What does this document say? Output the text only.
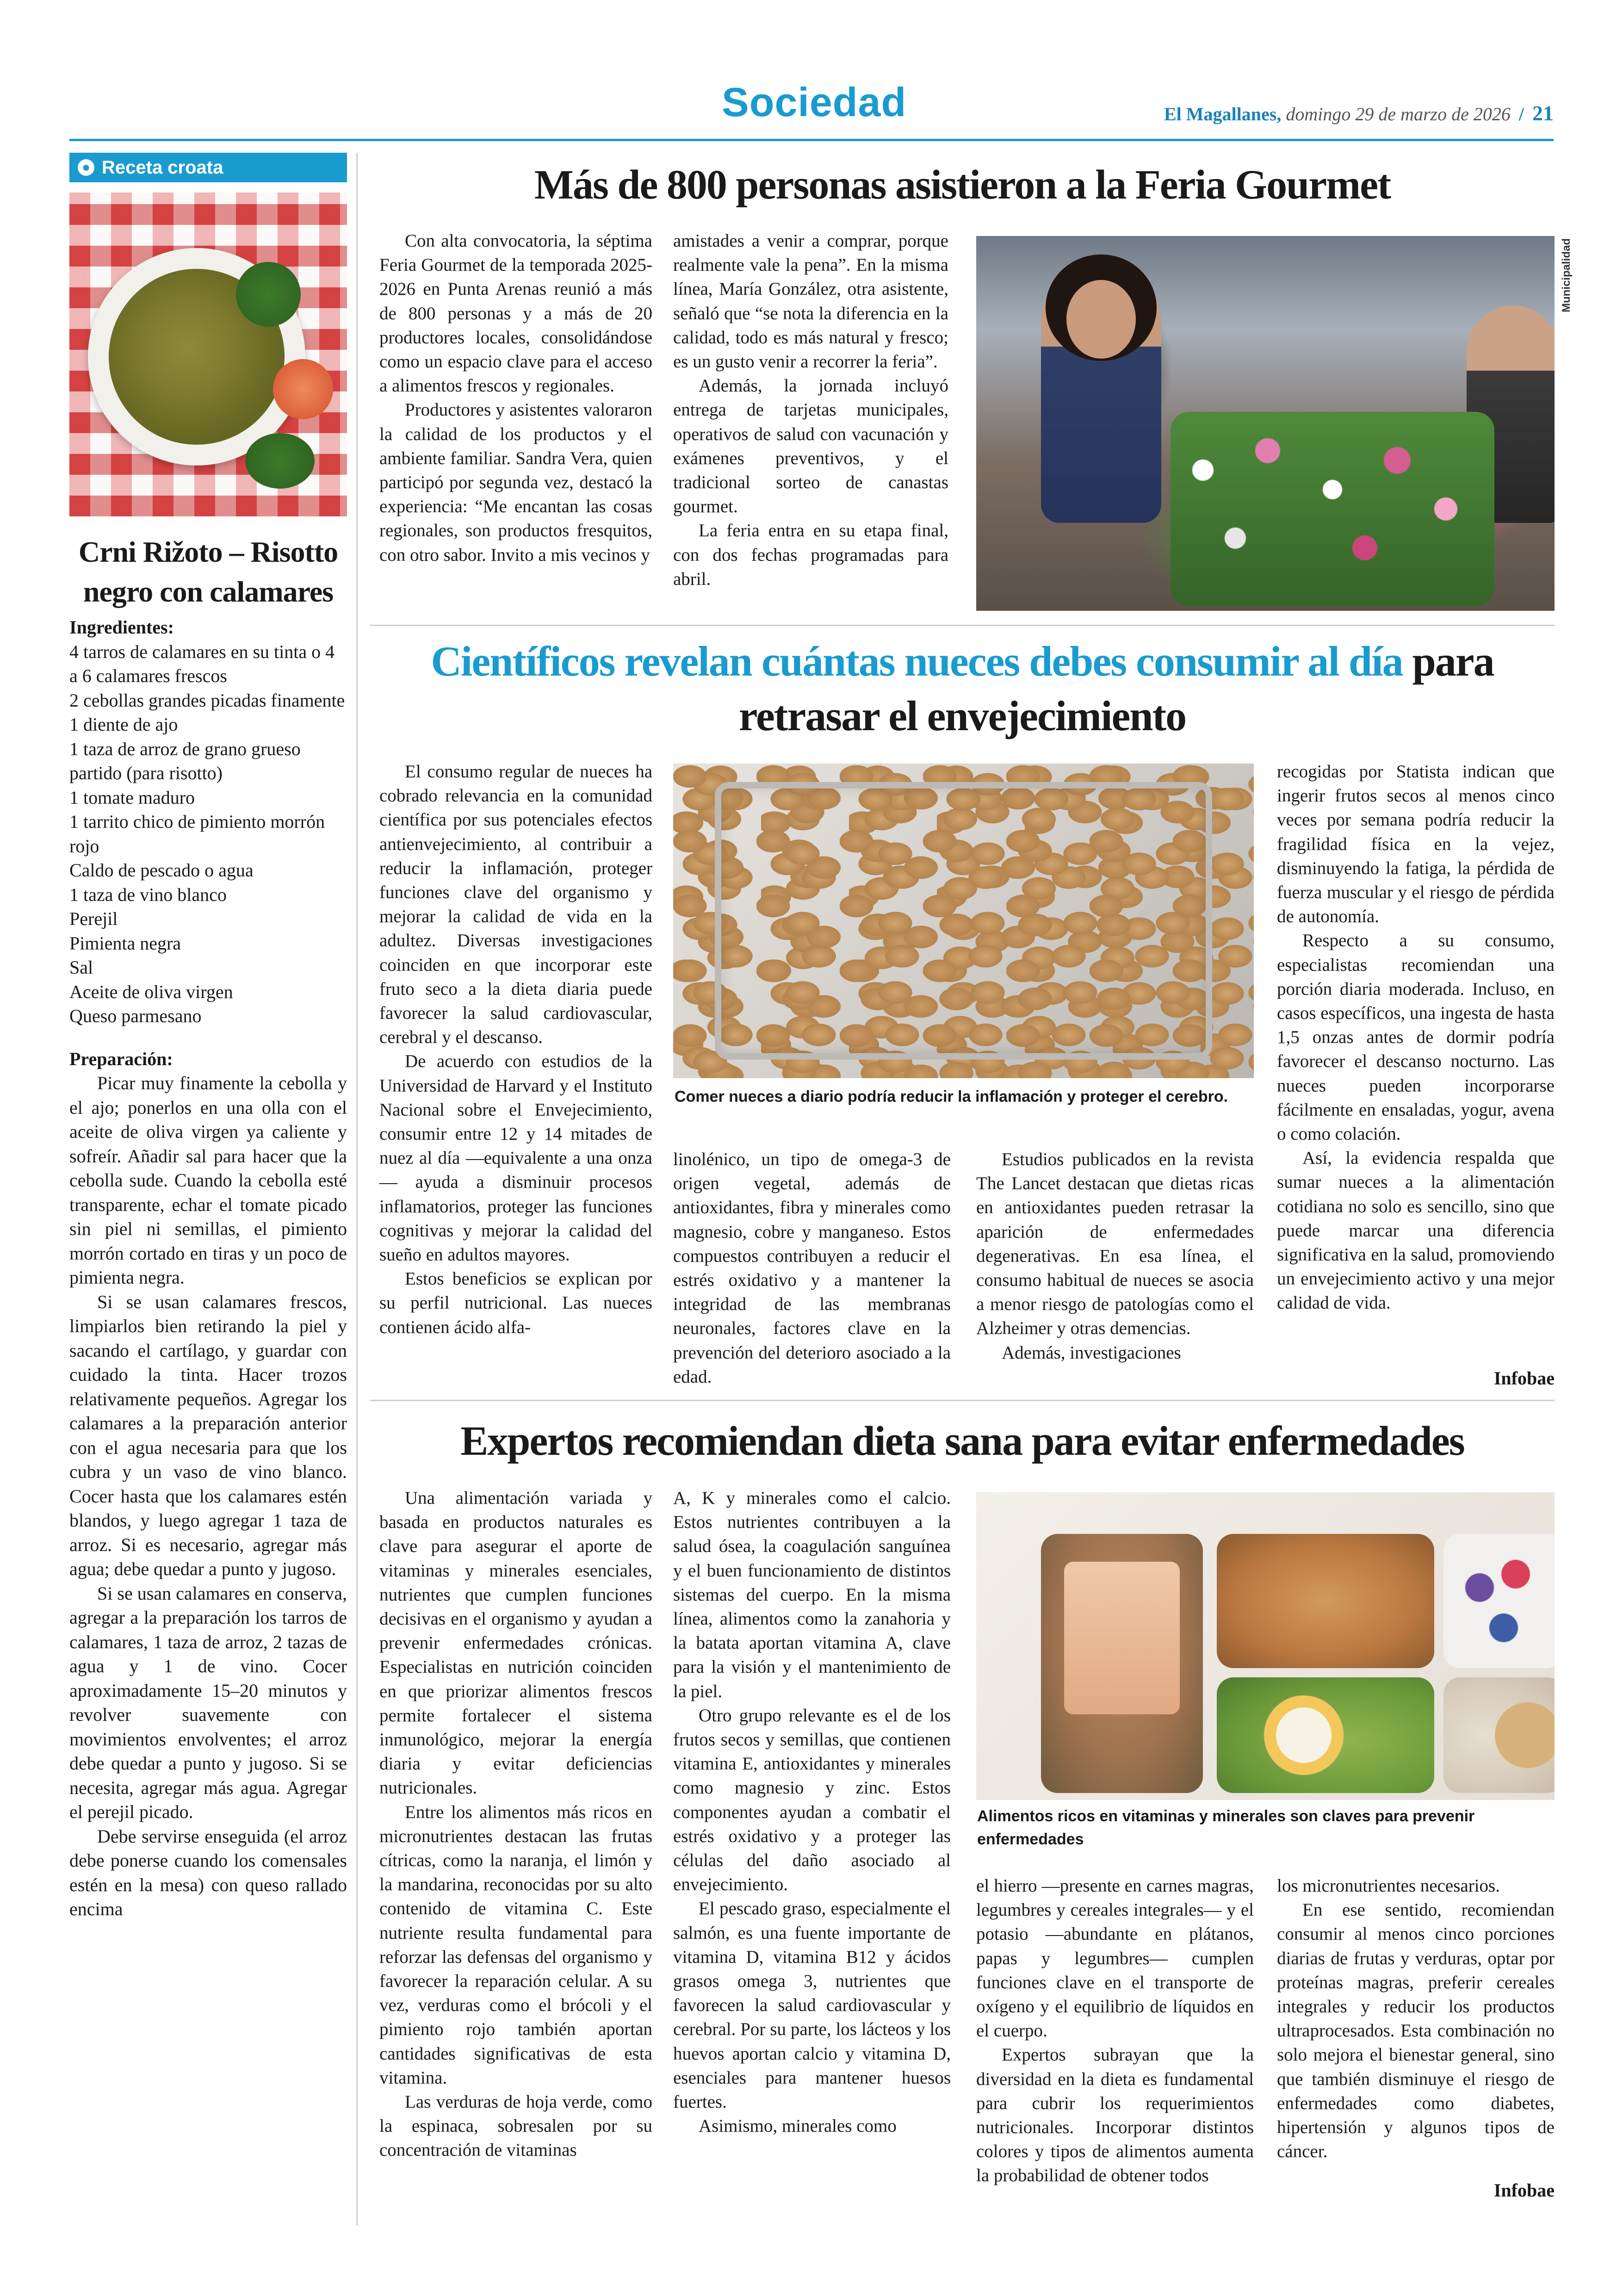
Sociedad	El Magallanes, domingo 29 de marzo de 2026 / 21
● Receta croata
Crni Rižoto – Risotto negro con calamares
Ingredientes:
4 tarros de calamares en su tinta o 4 a 6 calamares frescos
2 cebollas grandes picadas finamente
1 diente de ajo
1 taza de arroz de grano grueso partido (para risotto)
1 tomate maduro
1 tarrito chico de pimiento morrón rojo
Caldo de pescado o agua
1 taza de vino blanco
Perejil
Pimienta negra
Sal
Aceite de oliva virgen
Queso parmesano
Preparación:

Picar muy finamente la cebolla y el ajo; ponerlos en una olla con el aceite de oliva virgen ya caliente y sofreír. Añadir sal para hacer que la cebolla sude. Cuando la cebolla esté transparente, echar el tomate picado sin piel ni semillas, el pimiento morrón cortado en tiras y un poco de pimienta negra.

Si se usan calamares frescos, limpiarlos bien retirando la piel y sacando el cartílago, y guardar con cuidado la tinta. Hacer trozos relativamente pequeños. Agregar los calamares a la preparación anterior con el agua necesaria para que los cubra y un vaso de vino blanco. Cocer hasta que los calamares estén blandos, y luego agregar 1 taza de arroz. Si es necesario, agregar más agua; debe quedar a punto y jugoso.

Si se usan calamares en conserva, agregar a la preparación los tarros de calamares, 1 taza de arroz, 2 tazas de agua y 1 de vino. Cocer aproximadamente 15–20 minutos y revolver suavemente con movimientos envolventes; el arroz debe quedar a punto y jugoso. Si se necesita, agregar más agua. Agregar el perejil picado.

Debe servirse enseguida (el arroz debe ponerse cuando los comensales estén en la mesa) con queso rallado encima

Más de 800 personas asistieron a la Feria Gourmet

Con alta convocatoria, la séptima Feria Gourmet de la temporada 2025-2026 en Punta Arenas reunió a más de 800 personas y a más de 20 productores locales, consolidándose como un espacio clave para el acceso a alimentos frescos y regionales.

Productores y asistentes valoraron la calidad de los productos y el ambiente familiar. Sandra Vera, quien participó por segunda vez, destacó la experiencia: “Me encantan las cosas regionales, son productos fresquitos, con otro sabor. Invito a mis vecinos y

amistades a venir a comprar, porque realmente vale la pena”. En la misma línea, María González, otra asistente, señaló que “se nota la diferencia en la calidad, todo es más natural y fresco; es un gusto venir a recorrer la feria”.

Además, la jornada incluyó entrega de tarjetas municipales, operativos de salud con vacunación y exámenes preventivos, y el tradicional sorteo de canastas gourmet.

La feria entra en su etapa final, con dos fechas programadas para abril.

Municipalidad
Científicos revelan cuántas nueces debes consumir al día para retrasar el envejecimiento

El consumo regular de nueces ha cobrado relevancia en la comunidad científica por sus potenciales efectos antienvejecimiento, al contribuir a reducir la inflamación, proteger funciones clave del organismo y mejorar la calidad de vida en la adultez. Diversas investigaciones coinciden en que incorporar este fruto seco a la dieta diaria puede favorecer la salud cardiovascular, cerebral y el descanso.

De acuerdo con estudios de la Universidad de Harvard y el Instituto Nacional sobre el Envejecimiento, consumir entre 12 y 14 mitades de nuez al día —equivalente a una onza— ayuda a disminuir procesos inflamatorios, proteger las funciones cognitivas y mejorar la calidad del sueño en adultos mayores.

Estos beneficios se explican por su perfil nutricional. Las nueces contienen ácido alfa-

Comer nueces a diario podría reducir la inflamación y proteger el cerebro.

linolénico, un tipo de omega-3 de origen vegetal, además de antioxidantes, fibra y minerales como magnesio, cobre y manganeso. Estos compuestos contribuyen a reducir el estrés oxidativo y a mantener la integridad de las membranas neuronales, factores clave en la prevención del deterioro asociado a la edad.

Estudios publicados en la revista The Lancet destacan que dietas ricas en antioxidantes pueden retrasar la aparición de enfermedades degenerativas. En esa línea, el consumo habitual de nueces se asocia a menor riesgo de patologías como el Alzheimer y otras demencias.

Además, investigaciones

recogidas por Statista indican que ingerir frutos secos al menos cinco veces por semana podría reducir la fragilidad física en la vejez, disminuyendo la fatiga, la pérdida de fuerza muscular y el riesgo de pérdida de autonomía.

Respecto a su consumo, especialistas recomiendan una porción diaria moderada. Incluso, en casos específicos, una ingesta de hasta 1,5 onzas antes de dormir podría favorecer el descanso nocturno. Las nueces pueden incorporarse fácilmente en ensaladas, yogur, avena o como colación.

Así, la evidencia respalda que sumar nueces a la alimentación cotidiana no solo es sencillo, sino que puede marcar una diferencia significativa en la salud, promoviendo un envejecimiento activo y una mejor calidad de vida.

Infobae
Expertos recomiendan dieta sana para evitar enfermedades

Una alimentación variada y basada en productos naturales es clave para asegurar el aporte de vitaminas y minerales esenciales, nutrientes que cumplen funciones decisivas en el organismo y ayudan a prevenir enfermedades crónicas. Especialistas en nutrición coinciden en que priorizar alimentos frescos permite fortalecer el sistema inmunológico, mejorar la energía diaria y evitar deficiencias nutricionales.

Entre los alimentos más ricos en micronutrientes destacan las frutas cítricas, como la naranja, el limón y la mandarina, reconocidas por su alto contenido de vitamina C. Este nutriente resulta fundamental para reforzar las defensas del organismo y favorecer la reparación celular. A su vez, verduras como el brócoli y el pimiento rojo también aportan cantidades significativas de esta vitamina.

Las verduras de hoja verde, como la espinaca, sobresalen por su concentración de vitaminas

A, K y minerales como el calcio. Estos nutrientes contribuyen a la salud ósea, la coagulación sanguínea y el buen funcionamiento de distintos sistemas del cuerpo. En la misma línea, alimentos como la zanahoria y la batata aportan vitamina A, clave para la visión y el mantenimiento de la piel.

Otro grupo relevante es el de los frutos secos y semillas, que contienen vitamina E, antioxidantes y minerales como magnesio y zinc. Estos componentes ayudan a combatir el estrés oxidativo y a proteger las células del daño asociado al envejecimiento.

El pescado graso, especialmente el salmón, es una fuente importante de vitamina D, vitamina B12 y ácidos grasos omega 3, nutrientes que favorecen la salud cardiovascular y cerebral. Por su parte, los lácteos y los huevos aportan calcio y vitamina D, esenciales para mantener huesos fuertes.

Asimismo, minerales como

Alimentos ricos en vitaminas y minerales son claves para prevenir enfermedades

el hierro —presente en carnes magras, legumbres y cereales integrales— y el potasio —abundante en plátanos, papas y legumbres— cumplen funciones clave en el transporte de oxígeno y el equilibrio de líquidos en el cuerpo.

Expertos subrayan que la diversidad en la dieta es fundamental para cubrir los requerimientos nutricionales. Incorporar distintos colores y tipos de alimentos aumenta la probabilidad de obtener todos

los micronutrientes necesarios.

En ese sentido, recomiendan consumir al menos cinco porciones diarias de frutas y verduras, optar por proteínas magras, preferir cereales integrales y reducir los productos ultraprocesados. Esta combinación no solo mejora el bienestar general, sino que también disminuye el riesgo de enfermedades como diabetes, hipertensión y algunos tipos de cáncer.

Infobae
